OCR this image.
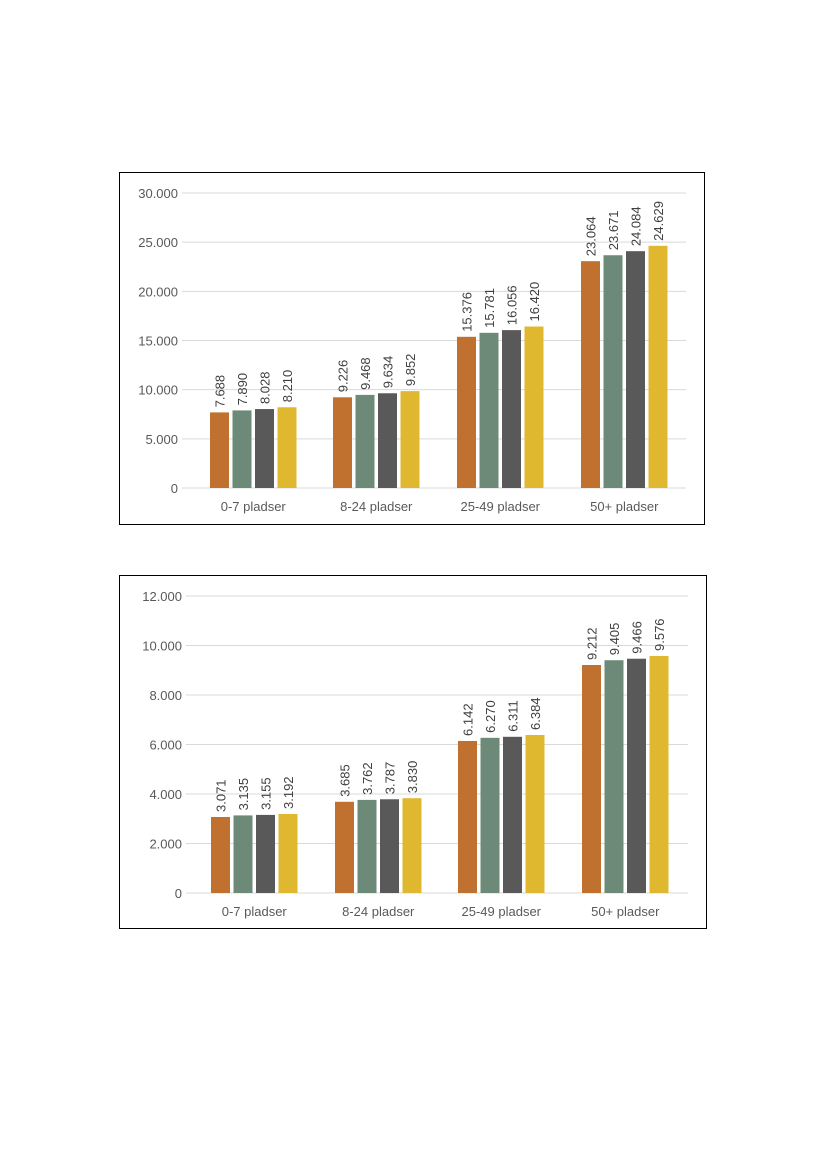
0
5.000
10.000
15.000
20.000
25.000
30.000
0-7 pladser	8-24 pladser	25-49 pladser	50+ pladser
7.688	9.226
15.376
23.064
7.890	9.468
15.781
23.671
8.028	9.634
16.056
24.084
8.210	9.852
16.420
24.629
0
2.000
4.000
6.000
8.000
10.000
12.000
0-7 pladser	8-24 pladser	25-49 pladser	50+ pladser
3.071	3.685
6.142
9.212
3.135	3.762
6.270
9.405
3.155	3.787
6.311
9.466
3.192	3.830
6.384
9.576
